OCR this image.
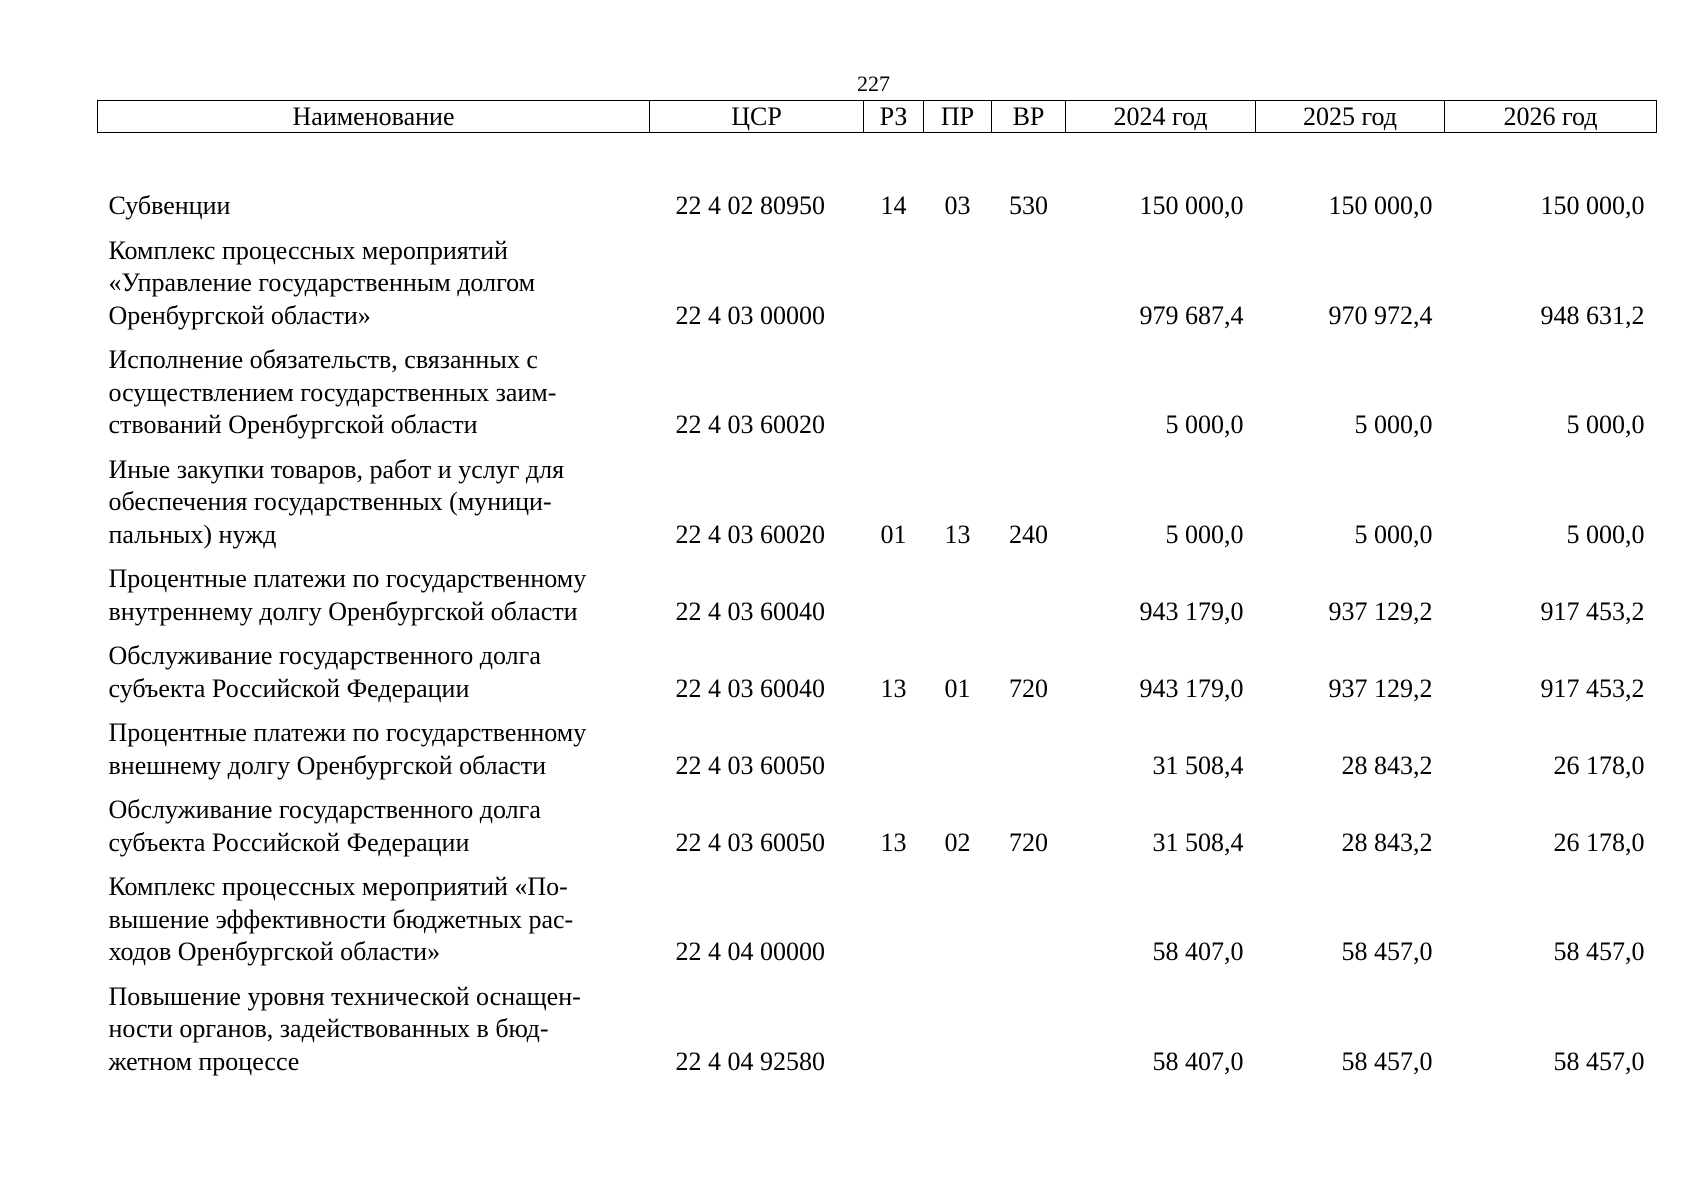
227
Наименование	ЦСР	РЗ	ПР	ВР	2024 год	2025 год	2026 год

Субвенции	22 4 02 80950	14	03	530	150 000,0	150 000,0	150 000,0
Комплекс процессных мероприятий
«Управление государственным долгом
Оренбургской области»	22 4 03 00000				979 687,4	970 972,4	948 631,2
Исполнение обязательств, связанных с
осуществлением государственных заим-
ствований Оренбургской области	22 4 03 60020				5 000,0	5 000,0	5 000,0
Иные закупки товаров, работ и услуг для
обеспечения государственных (муници-
пальных) нужд	22 4 03 60020	01	13	240	5 000,0	5 000,0	5 000,0
Процентные платежи по государственному
внутреннему долгу Оренбургской области	22 4 03 60040				943 179,0	937 129,2	917 453,2
Обслуживание государственного долга
субъекта Российской Федерации	22 4 03 60040	13	01	720	943 179,0	937 129,2	917 453,2
Процентные платежи по государственному
внешнему долгу Оренбургской области	22 4 03 60050				31 508,4	28 843,2	26 178,0
Обслуживание государственного долга
субъекта Российской Федерации	22 4 03 60050	13	02	720	31 508,4	28 843,2	26 178,0
Комплекс процессных мероприятий «По-
вышение эффективности бюджетных рас-
ходов Оренбургской области»	22 4 04 00000				58 407,0	58 457,0	58 457,0
Повышение уровня технической оснащен-
ности органов, задействованных в бюд-
жетном процессе	22 4 04 92580				58 407,0	58 457,0	58 457,0
